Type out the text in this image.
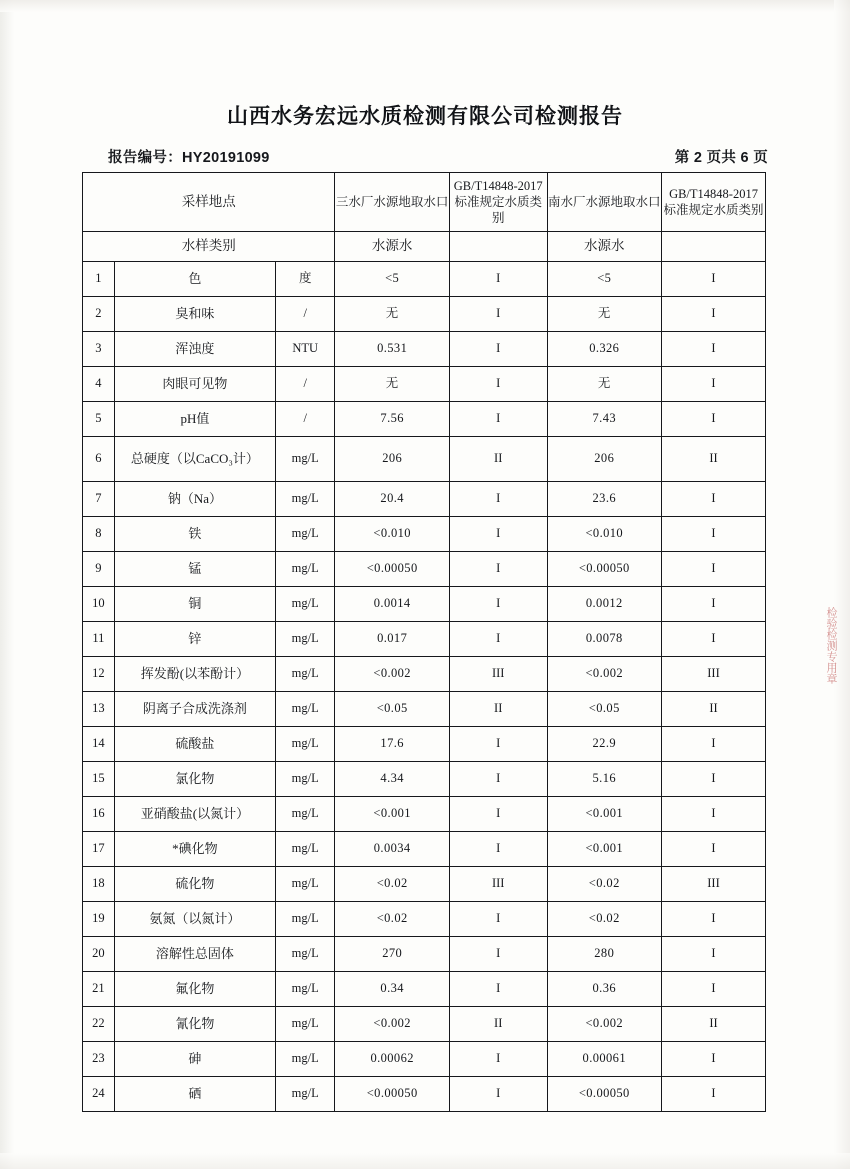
山西水务宏远水质检测有限公司检测报告
报告编号：HY20191099	第 2 页共 6 页
采样地点			三水厂水源地取水口	GB/T14848-2017标准规定水质类别	南水厂水源地取水口	GB/T14848-2017 标准规定水质类别
水样类别			水源水		水源水	
1	色	度	<5	I	<5	I
2	臭和味	/	无	I	无	I
3	浑浊度	NTU	0.531	I	0.326	I
4	肉眼可见物	/	无	I	无	I
5	pH值	/	7.56	I	7.43	I
6	总硬度（以CaCO₃计）	mg/L	206	II	206	II
7	钠（Na）	mg/L	20.4	I	23.6	I
8	铁	mg/L	<0.010	I	<0.010	I
9	锰	mg/L	<0.00050	I	<0.00050	I
10	铜	mg/L	0.0014	I	0.0012	I
11	锌	mg/L	0.017	I	0.0078	I
12	挥发酚(以苯酚计）	mg/L	<0.002	III	<0.002	III
13	阴离子合成洗涤剂	mg/L	<0.05	II	<0.05	II
14	硫酸盐	mg/L	17.6	I	22.9	I
15	氯化物	mg/L	4.34	I	5.16	I
16	亚硝酸盐(以氮计）	mg/L	<0.001	I	<0.001	I
17	*碘化物	mg/L	0.0034	I	<0.001	I
18	硫化物	mg/L	<0.02	III	<0.02	III
19	氨氮（以氮计）	mg/L	<0.02	I	<0.02	I
20	溶解性总固体	mg/L	270	I	280	I
21	氟化物	mg/L	0.34	I	0.36	I
22	氰化物	mg/L	<0.002	II	<0.002	II
23	砷	mg/L	0.00062	I	0.00061	I
24	硒	mg/L	<0.00050	I	<0.00050	I
检验检测专用章
